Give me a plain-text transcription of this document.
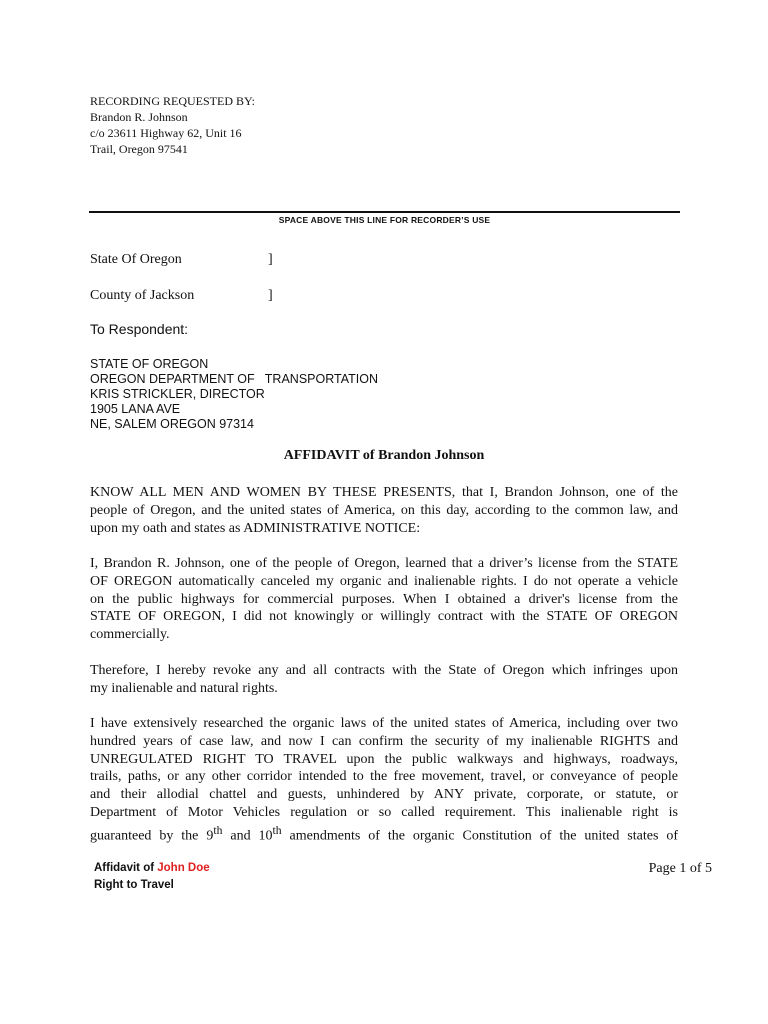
RECORDING REQUESTED BY:
Brandon R. Johnson
c/o 23611 Highway 62, Unit 16
Trail, Oregon 97541
SPACE ABOVE THIS LINE FOR RECORDER’S USE
State Of Oregon	]
County of Jackson	]
To Respondent:
STATE OF OREGON
OREGON DEPARTMENT OF   TRANSPORTATION
KRIS STRICKLER, DIRECTOR
1905 LANA AVE
NE, SALEM OREGON 97314
AFFIDAVIT of Brandon Johnson
KNOW ALL MEN AND WOMEN BY THESE PRESENTS, that I, Brandon Johnson, one of the
people of Oregon, and the united states of America, on this day, according to the common law, and
upon my oath and states as ADMINISTRATIVE NOTICE:
I, Brandon R. Johnson, one of the people of Oregon, learned that a driver’s license from the STATE
OF OREGON automatically canceled my organic and inalienable rights. I do not operate a vehicle
on the public highways for commercial purposes. When I obtained a driver's license from the
STATE OF OREGON, I did not knowingly or willingly contract with the STATE OF OREGON
commercially.
Therefore, I hereby revoke any and all contracts with the State of Oregon which infringes upon
my inalienable and natural rights.
I have extensively researched the organic laws of the united states of America, including over two
hundred years of case law, and now I can confirm the security of my inalienable RIGHTS and
UNREGULATED RIGHT TO TRAVEL upon the public walkways and highways, roadways,
trails, paths, or any other corridor intended to the free movement, travel, or conveyance of people
and their allodial chattel and guests, unhindered by ANY private, corporate, or statute, or
Department of Motor Vehicles regulation or so called requirement. This inalienable right is
guaranteed by the 9th and 10th amendments of the organic Constitution of the united states of
Affidavit of John Doe
Right to Travel
Page 1 of 5
